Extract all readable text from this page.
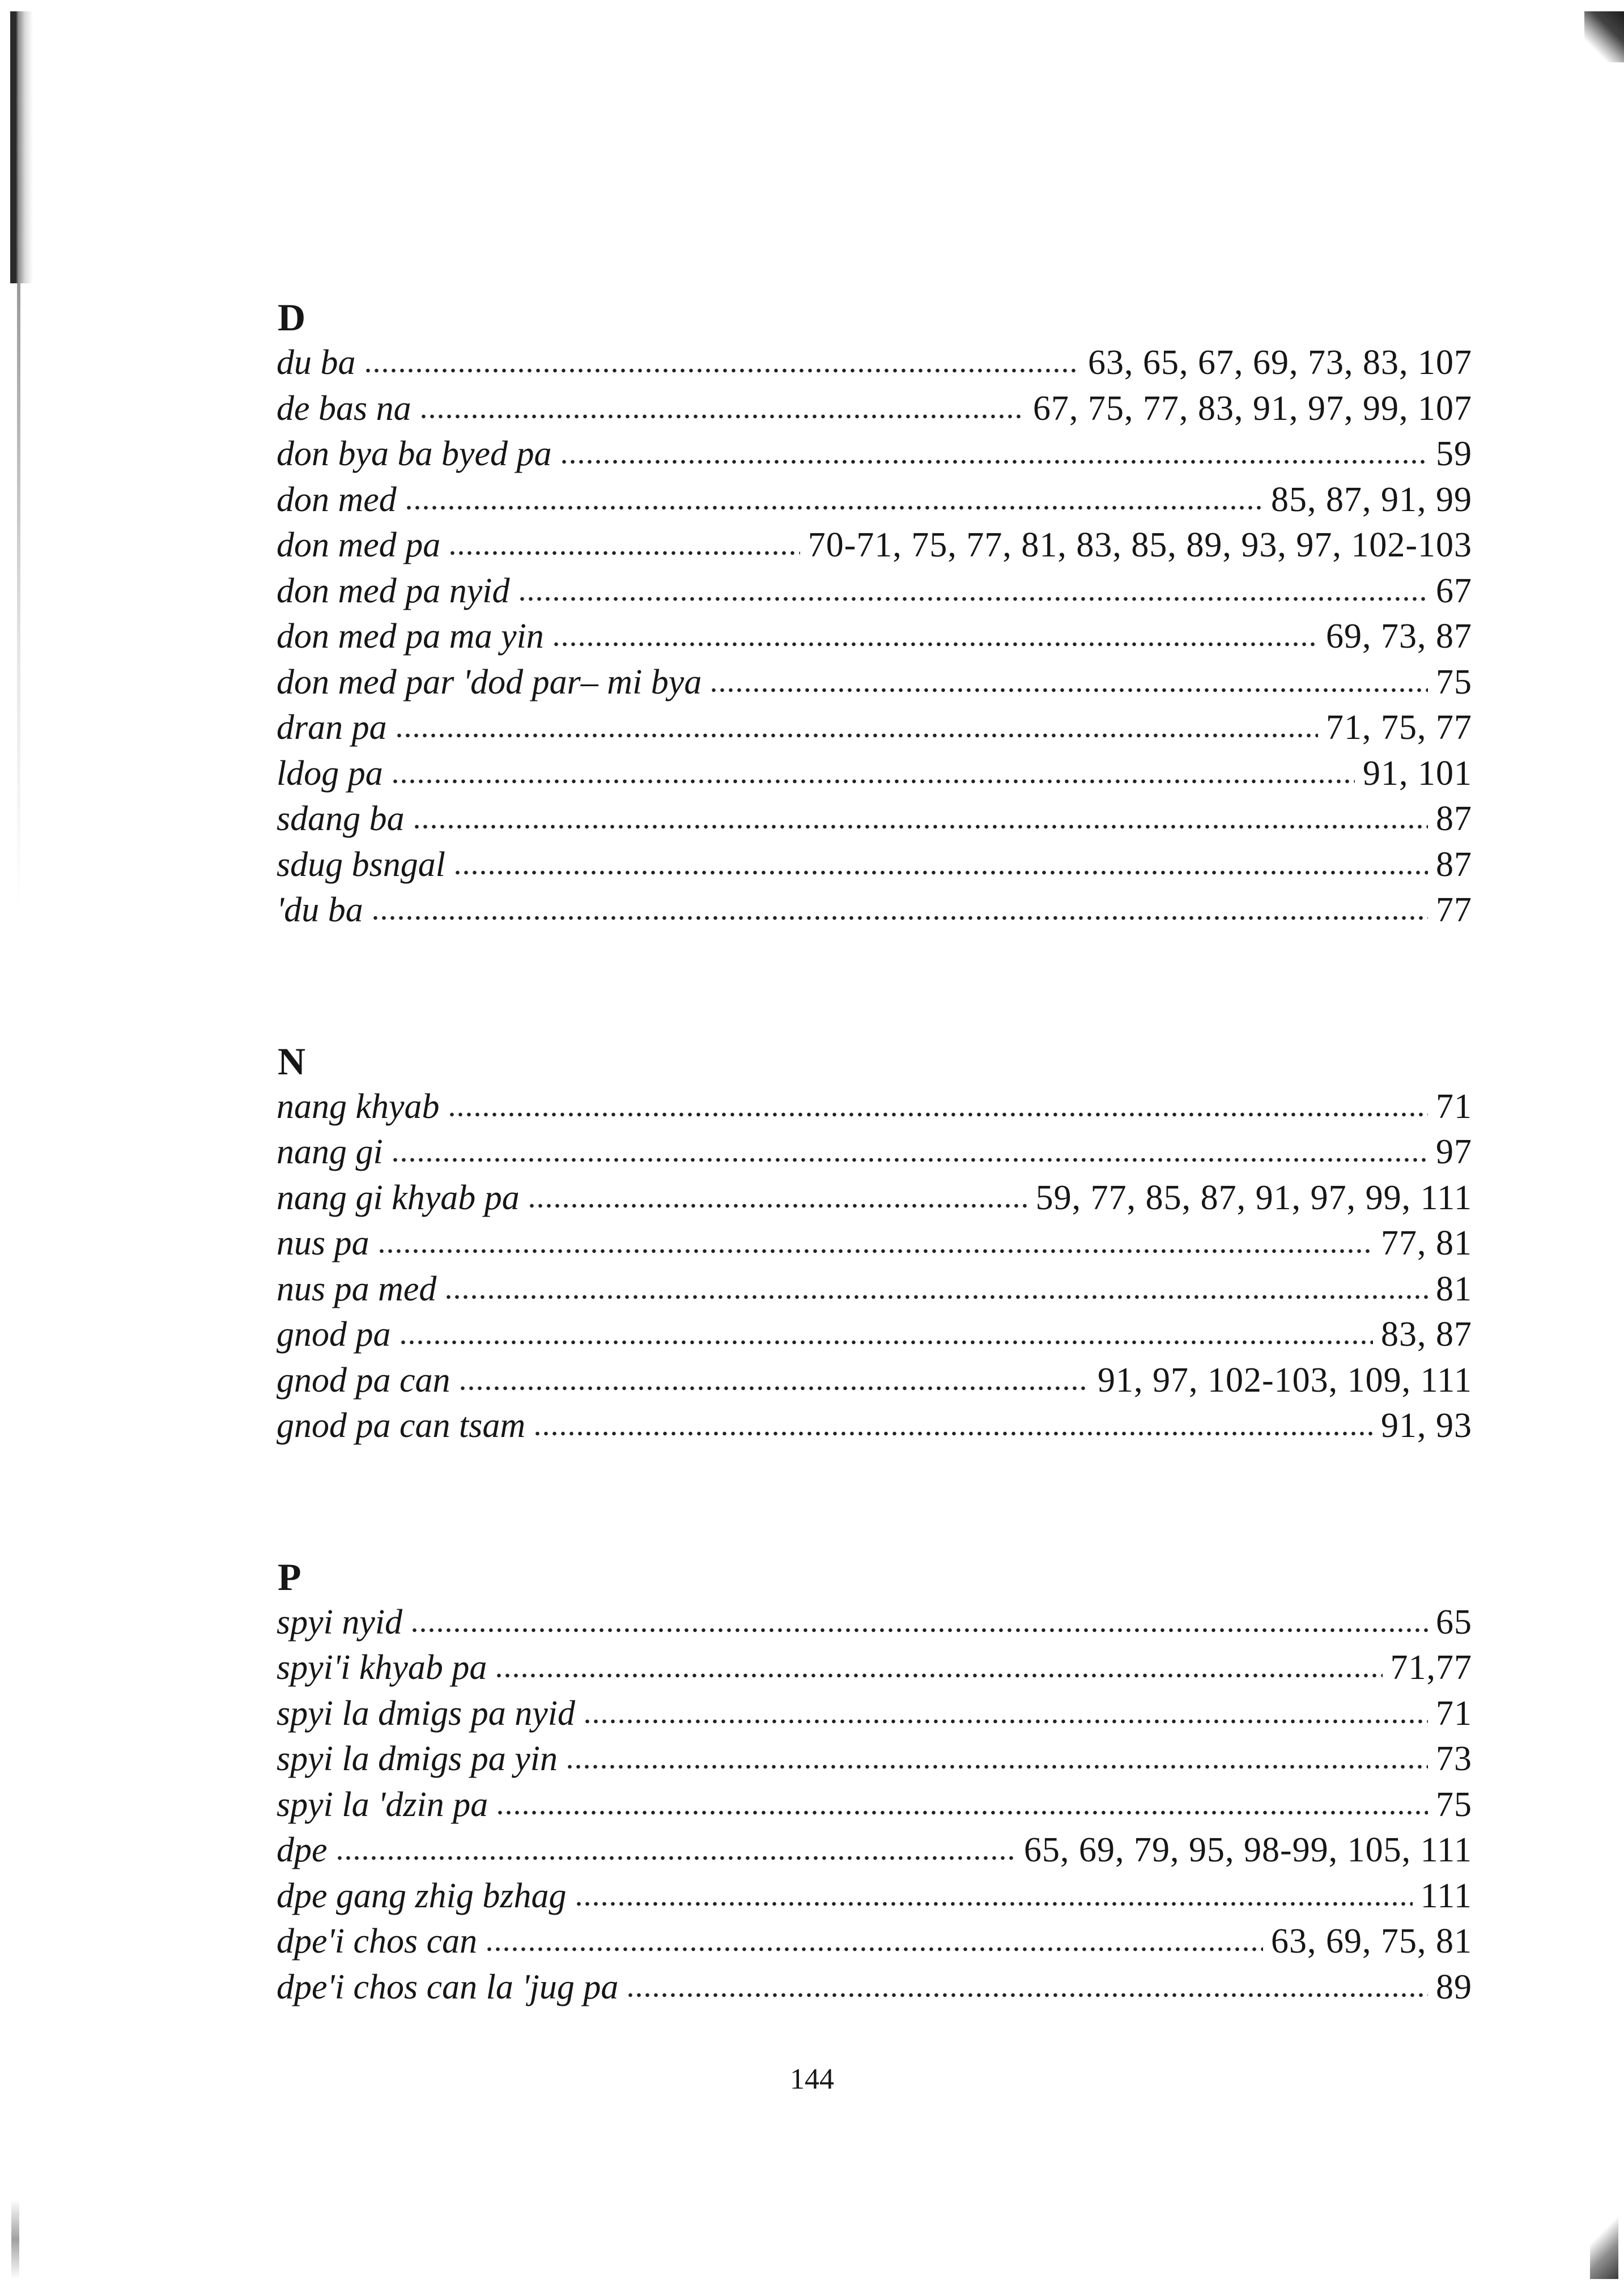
D
du ba	63, 65, 67, 69, 73, 83, 107
de bas na	67, 75, 77, 83, 91, 97, 99, 107
don bya ba byed pa	59
don med	85, 87, 91, 99
don med pa	70-71, 75, 77, 81, 83, 85, 89, 93, 97, 102-103
don med pa nyid	67
don med pa ma yin	69, 73, 87
don med par 'dod par– mi bya	75
dran pa	71, 75, 77
ldog pa	91, 101
sdang ba	87
sdug bsngal	87
'du ba	77
N
nang khyab	71
nang gi	97
nang gi khyab pa	59, 77, 85, 87, 91, 97, 99, 111
nus pa	77, 81
nus pa med	81
gnod pa	83, 87
gnod pa can	91, 97, 102-103, 109, 111
gnod pa can tsam	91, 93
P
spyi nyid	65
spyi'i khyab pa	71,77
spyi la dmigs pa nyid	71
spyi la dmigs pa yin	73
spyi la 'dzin pa	75
dpe	65, 69, 79, 95, 98-99, 105, 111
dpe gang zhig bzhag	111
dpe'i chos can	63, 69, 75, 81
dpe'i chos can la 'jug pa	89
144
